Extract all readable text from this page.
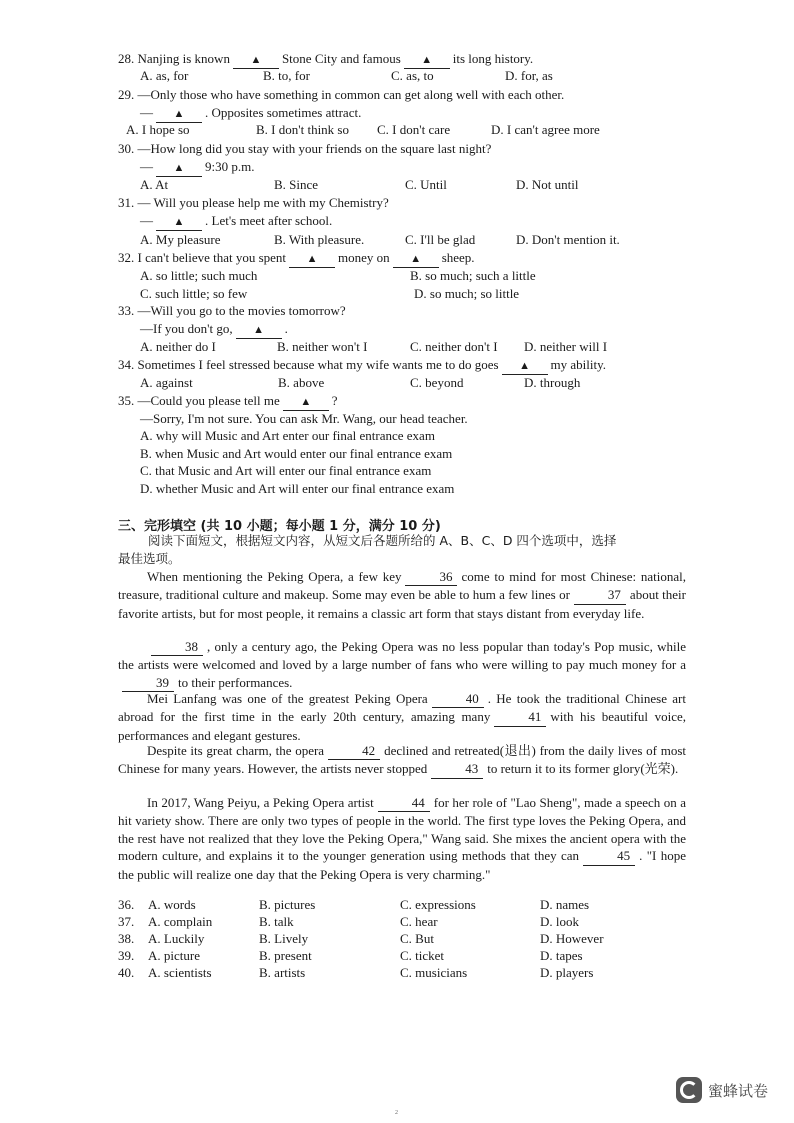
28. Nanjing is known ▲ Stone City and famous ▲ its long history.
A. as, for	B. to, for	C. as, to	D. for, as
29. —Only those who have something in common can get along well with each other.
— ▲ . Opposites sometimes attract.
A. I hope so	B. I don't think so C. I don't care	D. I can't agree more
30. —How long did you stay with your friends on the square last night?
— ▲ 9:30 p.m.
A. At	B. Since	C. Until	D. Not until
31. — Will you please help me with my Chemistry?
— ▲ . Let's meet after school.
A. My pleasure	B. With pleasure.	C. I'll be glad	D. Don't mention it.
32. I can't believe that you spent ▲ money on ▲ sheep.
A. so little; such much	B. so much; such a little
C. such little; so few	D. so much; so little
33. —Will you go to the movies tomorrow?
—If you don't go, ▲ .
A. neither do I	B. neither won't I	C. neither don't I D. neither will I
34. Sometimes I feel stressed because what my wife wants me to do goes ▲ my ability.
A. against	B. above	C. beyond	D. through
35. —Could you please tell me ▲ ?
—Sorry, I'm not sure. You can ask Mr. Wang, our head teacher.
A. why will Music and Art enter our final entrance exam
B. when Music and Art would enter our final entrance exam
C. that Music and Art will enter our final entrance exam
D. whether Music and Art will enter our final entrance exam
三、完形填空 (共 10 小题；每小题 1 分，满分 10 分)
阅读下面短文，根据短文内容，从短文后各题所给的 A、B、C、D 四个选项中，选择
最佳选项。
When mentioning the Peking Opera, a few key	36 come to mind for most Chinese: national, treasure, traditional culture and makeup. Some may even be able to hum a few lines or	37 about their favorite artists, but for most people, it remains a classic art form that stays distant from everyday life.
38 , only a century ago, the Peking Opera was no less popular than today's Pop music, while the artists were welcomed and loved by a large number of fans who were willing to pay much money for a39 to their performances.
Mei Lanfang was one of the greatest Peking Opera	40 . He took the traditional Chinese art abroad for the first time in the early 20th century, amazing many	41 with his beautiful voice, performances and elegant gestures.
Despite its great charm, the opera	42 declined and retreated(退出) from the daily lives of most Chinese for many years. However, the artists never stopped	43 to return it to its former glory(光荣).
In 2017, Wang Peiyu, a Peking Opera artist	44 for her role of "Lao Sheng", made a speech on a hit variety show. There are only two types of people in the world. The first type loves the Peking Opera, and the rest have not realized that they love the Peking Opera," Wang said. She mixes the ancient opera with the modern culture, and explains it to the younger generation using methods that they can	45 . "I hope the public will realize one day that the Peking Opera is very charming."
36. A. words	B. pictures	C. expressions	D. names
37. A. complain	B. talk	C. hear	D. look
38. A. Luckily	B. Lively	C. But	D. However
39. A. picture	B. present	C. ticket	D. tapes
40. A. scientists	B. artists	C. musicians	D. players
蜜蜂试卷
2
